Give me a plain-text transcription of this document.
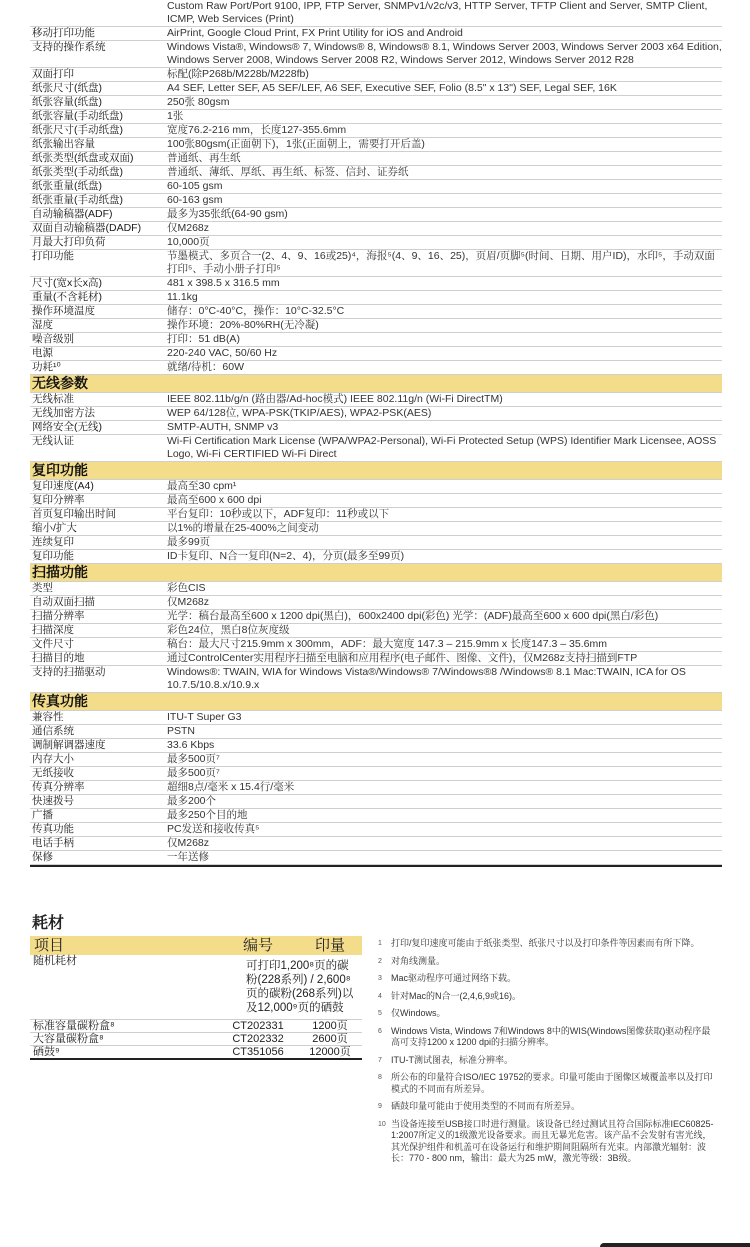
Custom Raw Port/Port 9100, IPP, FTP Server, SNMPv1/v2c/v3, HTTP Server, TFTP Client and Server, SMTP Client, ICMP, Web Services (Print)
移动打印功能	AirPrint, Google Cloud Print, FX Print Utility for iOS and Android
支持的操作系统	Windows Vista®, Windows® 7, Windows® 8, Windows® 8.1, Windows Server 2003, Windows Server 2003 x64 Edition, Windows Server 2008, Windows Server 2008 R2, Windows Server 2012, Windows Server 2012 R28
双面打印	标配(除P268b/M228b/M228fb)
纸张尺寸(纸盘)	A4 SEF, Letter SEF, A5 SEF/LEF, A6 SEF, Executive SEF, Folio (8.5" x 13") SEF, Legal SEF, 16K
纸张容量(纸盘)	250张 80gsm
纸张容量(手动纸盘)	1张
纸张尺寸(手动纸盘)	宽度76.2-216 mm，长度127-355.6mm
纸张输出容量	100张80gsm(正面朝下)，1张(正面朝上，需要打开后盖)
纸张类型(纸盘或双面)	普通纸、再生纸
纸张类型(手动纸盘)	普通纸、薄纸、厚纸、再生纸、标签、信封、证券纸
纸张重量(纸盘)	60-105 gsm
纸张重量(手动纸盘)	60-163 gsm
自动输稿器(ADF)	最多为35张纸(64-90 gsm)
双面自动输稿器(DADF)	仅M268z
月最大打印负荷	10,000页
打印功能	节墨模式、多页合一(2、4、9、16或25)⁴，海报⁵(4、9、16、25)，页眉/页脚⁵(时间、日期、用户ID)，水印⁵，手动双面打印⁵、手动小册子打印⁵
尺寸(宽x长x高)	481 x 398.5 x 316.5 mm
重量(不含耗材)	11.1kg
操作环境温度	储存：0°C-40°C，操作：10°C-32.5°C
湿度	操作环境：20%-80%RH(无冷凝)
噪音级别	打印：51 dB(A)
电源	220-240 VAC, 50/60 Hz
功耗¹⁰	就绪/待机：60W
无线参数
无线标准	IEEE 802.11b/g/n (路由器/Ad-hoc模式) IEEE 802.11g/n (Wi-Fi DirectTM)
无线加密方法	WEP 64/128位, WPA-PSK(TKIP/AES), WPA2-PSK(AES)
网络安全(无线)	SMTP-AUTH, SNMP v3
无线认证	Wi-Fi Certification Mark License (WPA/WPA2-Personal), Wi-Fi Protected Setup (WPS) Identifier Mark Licensee, AOSS Logo, Wi-Fi CERTIFIED Wi-Fi Direct
复印功能
复印速度(A4)	最高至30 cpm¹
复印分辨率	最高至600 x 600 dpi
首页复印输出时间	平台复印：10秒或以下，ADF复印：11秒或以下
缩小/扩大	以1%的增量在25-400%之间变动
连续复印	最多99页
复印功能	ID卡复印、N合一复印(N=2、4)，分页(最多至99页)
扫描功能
类型	彩色CIS
自动双面扫描	仅M268z
扫描分辨率	光学：稿台最高至600 x 1200 dpi(黑白)，600x2400 dpi(彩色) 光学：(ADF)最高至600 x 600 dpi(黑白/彩色)
扫描深度	彩色24位，黑白8位灰度级
文件尺寸	稿台：最大尺寸215.9mm x 300mm，ADF：最大宽度 147.3 – 215.9mm x 长度147.3 – 35.6mm
扫描目的地	通过ControlCenter实用程序扫描至电脑和应用程序(电子邮件、图像、文件)，仅M268z支持扫描到FTP
支持的扫描驱动	Windows®: TWAIN, WIA for Windows Vista®/Windows® 7/Windows®8 /Windows® 8.1 Mac:TWAIN, ICA for OS 10.7.5/10.8.x/10.9.x
传真功能
兼容性	ITU-T Super G3
通信系统	PSTN
调制解调器速度	33.6 Kbps
内存大小	最多500页⁷
无纸接收	最多500页⁷
传真分辨率	超细8点/毫米 x 15.4行/毫米
快速拨号	最多200个
广播	最多250个目的地
传真功能	PC发送和接收传真⁵
电话手柄	仅M268z
保修	一年送修
耗材
项目	编号	印量
随机耗材	可打印1,200⁸页的碳粉(228系列) / 2,600⁸页的碳粉(268系列)以及12,000⁹页的硒鼓	
标准容量碳粉盒⁸	CT202331	1200页
大容量碳粉盒⁸	CT202332	2600页
硒鼓⁹	CT351056	12000页
1	打印/复印速度可能由于纸张类型、纸张尺寸以及打印条件等因素而有所下降。
2	对角线测量。
3	Mac驱动程序可通过网络下载。
4	针对Mac的N合一(2,4,6,9或16)。
5	仅Windows。
6	Windows Vista, Windows 7和Windows 8中的WIS(Windows图像获取)驱动程序最高可支持1200 x 1200 dpi的扫描分辨率。
7	ITU-T测试图表，标准分辨率。
8	所公布的印量符合ISO/IEC 19752的要求。印量可能由于图像区域覆盖率以及打印模式的不同而有所差异。
9	硒鼓印量可能由于使用类型的不同而有所差异。
10 当设备连接至USB接口时进行测量。该设备已经过测试且符合国际标准IEC60825-1:2007所定义的1级激光设备要求。而且无暴光危害。该产品不会发射有害光线，其光保护组件和机盖可在设备运行和维护期间阻隔所有光束。内部激光辐射：波长：770 - 800 nm，输出：最大为25 mW，激光等级：3B级。
